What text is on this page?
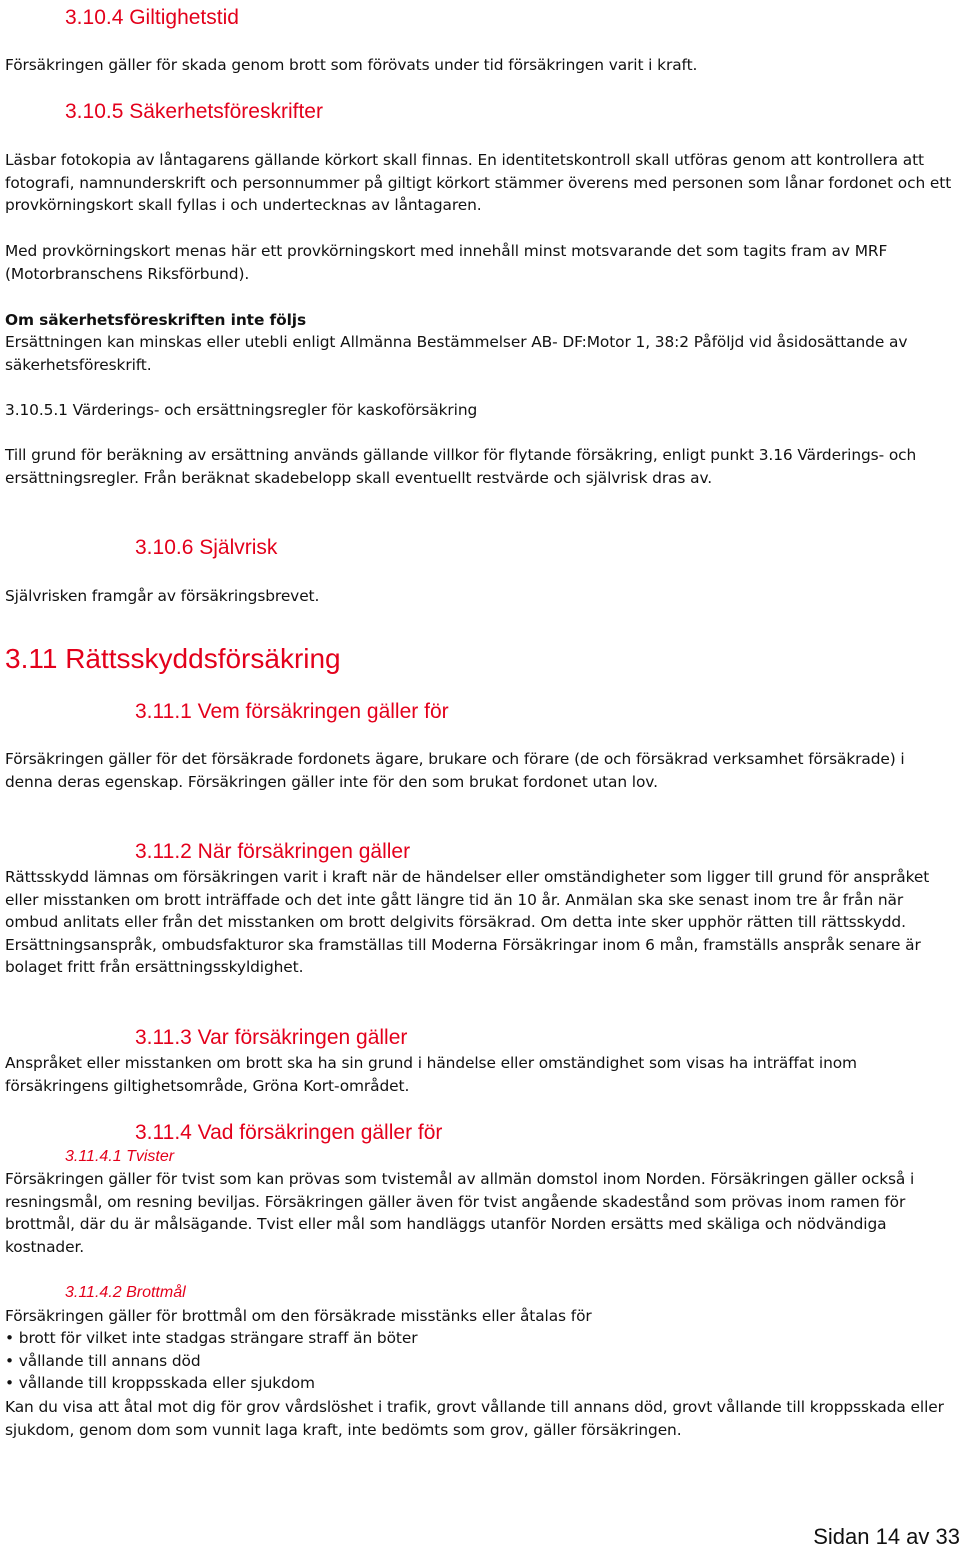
3.10.4 Giltighetstid

Försäkringen gäller för skada genom brott som förövats under tid försäkringen varit i kraft.

3.10.5 Säkerhetsföreskrifter

Läsbar fotokopia av låntagarens gällande körkort skall finnas. En identitetskontroll skall utföras genom att kontrollera att fotografi, namnunderskrift och personnummer på giltigt körkort stämmer överens med personen som lånar fordonet och ett provkörningskort skall fyllas i och undertecknas av låntagaren.

Med provkörningskort menas här ett provkörningskort med innehåll minst motsvarande det som tagits fram av MRF (Motorbranschens Riksförbund).

Om säkerhetsföreskriften inte följs

Ersättningen kan minskas eller utebli enligt Allmänna Bestämmelser AB- DF:Motor 1, 38:2 Påföljd vid åsidosättande av säkerhetsföreskrift.

3.10.5.1 Värderings- och ersättningsregler för kaskoförsäkring

Till grund för beräkning av ersättning används gällande villkor för flytande försäkring, enligt punkt 3.16 Värderings- och ersättningsregler. Från beräknat skadebelopp skall eventuellt restvärde och självrisk dras av.

3.10.6 Självrisk

Självrisken framgår av försäkringsbrevet.

3.11 Rättsskyddsförsäkring
3.11.1 Vem försäkringen gäller för

Försäkringen gäller för det försäkrade fordonets ägare, brukare och förare (de och försäkrad verksamhet försäkrade) i denna deras egenskap. Försäkringen gäller inte för den som brukat fordonet utan lov.

3.11.2 När försäkringen gäller

Rättsskydd lämnas om försäkringen varit i kraft när de händelser eller omständigheter som ligger till grund för anspråket eller misstanken om brott inträffade och det inte gått längre tid än 10 år. Anmälan ska ske senast inom tre år från när ombud anlitats eller från det misstanken om brott delgivits försäkrad. Om detta inte sker upphör rätten till rättsskydd. Ersättningsanspråk, ombudsfakturor ska framställas till Moderna Försäkringar inom 6 mån, framställs anspråk senare är bolaget fritt från ersättningsskyldighet.

3.11.3 Var försäkringen gäller

Anspråket eller misstanken om brott ska ha sin grund i händelse eller omständighet som visas ha inträffat inom försäkringens giltighetsområde, Gröna Kort-området.

3.11.4 Vad försäkringen gäller för
3.11.4.1 Tvister

Försäkringen gäller för tvist som kan prövas som tvistemål av allmän domstol inom Norden. Försäkringen gäller också i resningsmål, om resning beviljas. Försäkringen gäller även för tvist angående skadestånd som prövas inom ramen för brottmål, där du är målsägande. Tvist eller mål som handläggs utanför Norden ersätts med skäliga och nödvändiga kostnader.

3.11.4.2 Brottmål

Försäkringen gäller för brottmål om den försäkrade misstänks eller åtalas för

• brott för vilket inte stadgas strängare straff än böter
• vållande till annans död
• vållande till kroppsskada eller sjukdom

Kan du visa att åtal mot dig för grov vårdslöshet i trafik, grovt vållande till annans död, grovt vållande till kroppsskada eller sjukdom, genom dom som vunnit laga kraft, inte bedömts som grov, gäller försäkringen.

Sidan 14 av 33
